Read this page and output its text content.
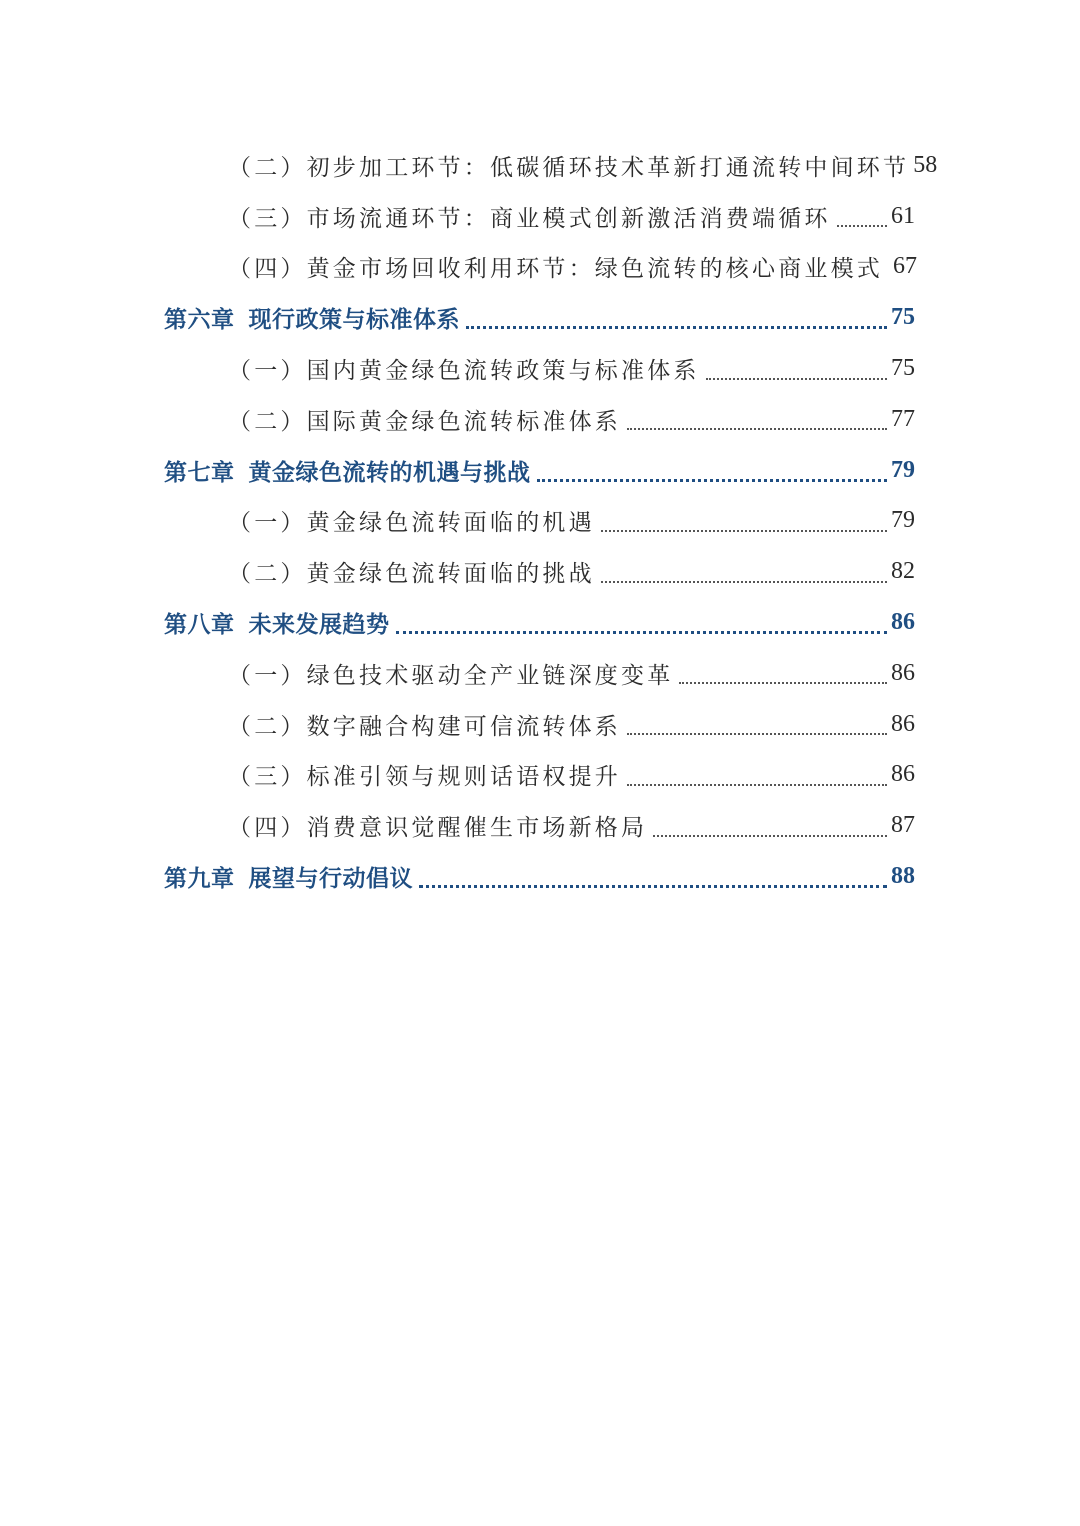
（二）初步加工环节：低碳循环技术革新打通流转中间环节 58
（三）市场流通环节：商业模式创新激活消费端循环	61
（四）黄金市场回收利用环节：绿色流转的核心商业模式 67
第六章 现行政策与标准体系	75
（一）国内黄金绿色流转政策与标准体系	75
（二）国际黄金绿色流转标准体系	77
第七章 黄金绿色流转的机遇与挑战	79
（一）黄金绿色流转面临的机遇	79
（二）黄金绿色流转面临的挑战	82
第八章 未来发展趋势	86
（一）绿色技术驱动全产业链深度变革	86
（二）数字融合构建可信流转体系	86
（三）标准引领与规则话语权提升	86
（四）消费意识觉醒催生市场新格局	87
第九章 展望与行动倡议	88
